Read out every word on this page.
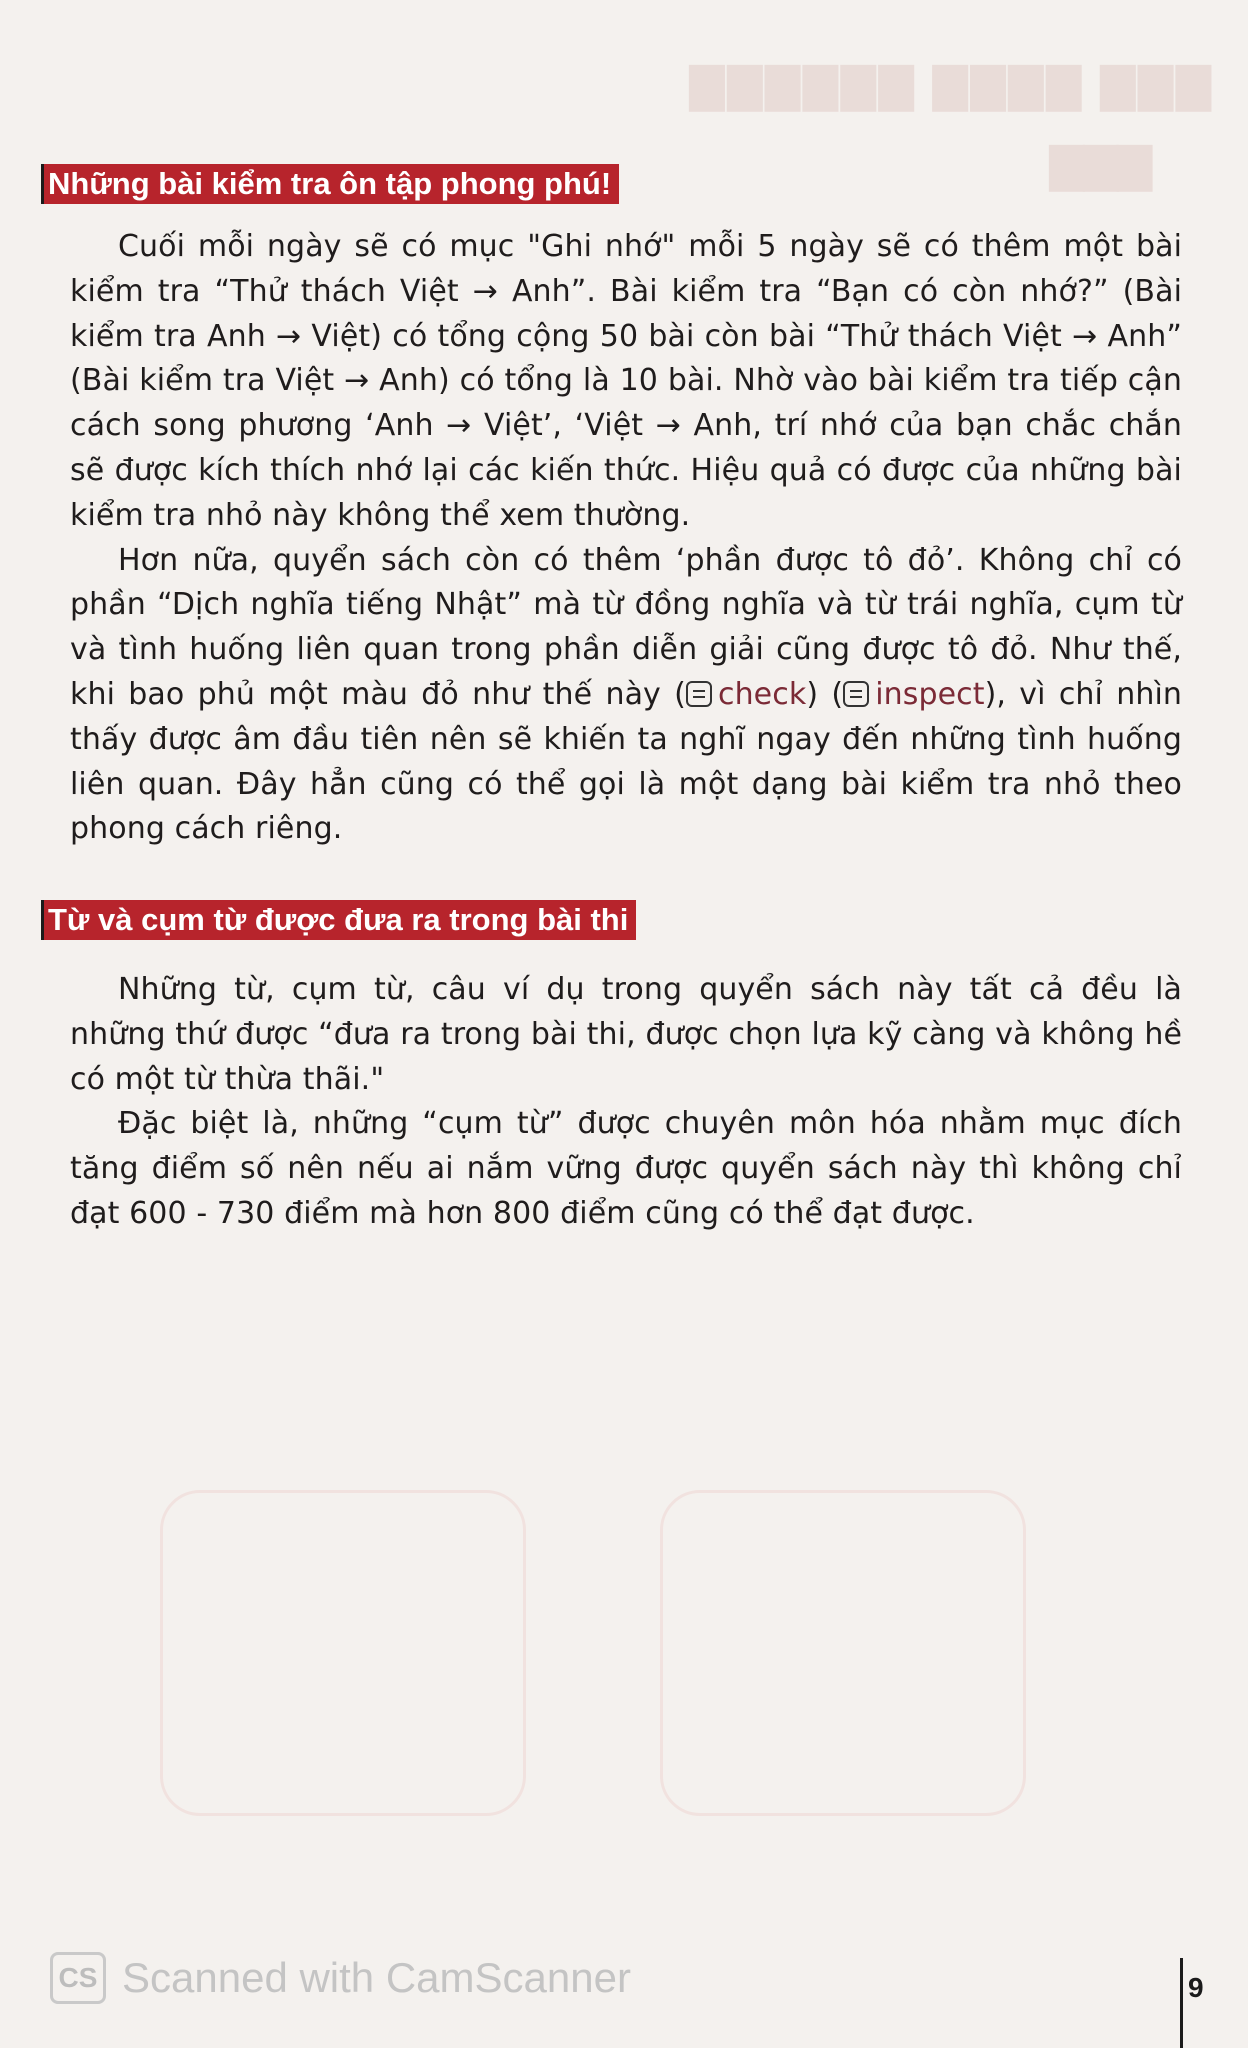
▇▇▇▇▇▇ ▇▇▇▇ ▇▇▇
▇▇▇
Những bài kiểm tra ôn tập phong phú!

Cuối mỗi ngày sẽ có mục "Ghi nhớ" mỗi 5 ngày sẽ có thêm một bài kiểm tra “Thử thách Việt → Anh”. Bài kiểm tra “Bạn có còn nhớ?” (Bài kiểm tra Anh → Việt) có tổng cộng 50 bài còn bài “Thử thách Việt → Anh” (Bài kiểm tra Việt → Anh) có tổng là 10 bài. Nhờ vào bài kiểm tra tiếp cận cách song phương ‘Anh → Việt’, ‘Việt → Anh, trí nhớ của bạn chắc chắn sẽ được kích thích nhớ lại các kiến thức. Hiệu quả có được của những bài kiểm tra nhỏ này không thể xem thường.

Hơn nữa, quyển sách còn có thêm ‘phần được tô đỏ’. Không chỉ có phần “Dịch nghĩa tiếng Nhật” mà từ đồng nghĩa và từ trái nghĩa, cụm từ và tình huống liên quan trong phần diễn giải cũng được tô đỏ. Như thế, khi bao phủ một màu đỏ như thế này ( check) ( inspect), vì chỉ nhìn thấy được âm đầu tiên nên sẽ khiến ta nghĩ ngay đến những tình huống liên quan. Đây hẳn cũng có thể gọi là một dạng bài kiểm tra nhỏ theo phong cách riêng.

Từ và cụm từ được đưa ra trong bài thi

Những từ, cụm từ, câu ví dụ trong quyển sách này tất cả đều là những thứ được “đưa ra trong bài thi, được chọn lựa kỹ càng và không hề có một từ thừa thãi."

Đặc biệt là, những “cụm từ” được chuyên môn hóa nhằm mục đích tăng điểm số nên nếu ai nắm vững được quyển sách này thì không chỉ đạt 600 - 730 điểm mà hơn 800 điểm cũng có thể đạt được.

CS Scanned with CamScanner	9
